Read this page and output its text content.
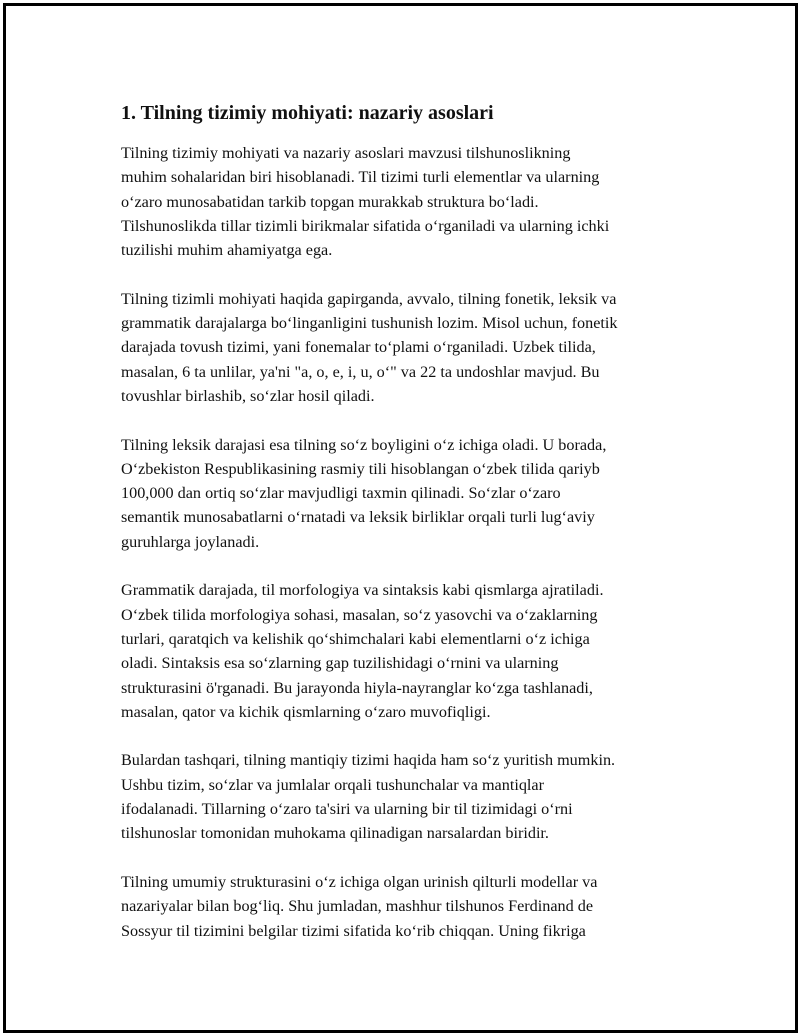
1. Tilning tizimiy mohiyati: nazariy asoslari

Tilning tizimiy mohiyati va nazariy asoslari mavzusi tilshunoslikning
muhim sohalaridan biri hisoblanadi. Til tizimi turli elementlar va ularning
o‘zaro munosabatidan tarkib topgan murakkab struktura bo‘ladi.
Tilshunoslikda tillar tizimli birikmalar sifatida o‘rganiladi va ularning ichki
tuzilishi muhim ahamiyatga ega.

Tilning tizimli mohiyati haqida gapirganda, avvalo, tilning fonetik, leksik va
grammatik darajalarga bo‘linganligini tushunish lozim. Misol uchun, fonetik
darajada tovush tizimi, yani fonemalar to‘plami o‘rganiladi. Uzbek tilida,
masalan, 6 ta unlilar, ya'ni "a, o, e, i, u, o‘" va 22 ta undoshlar mavjud. Bu
tovushlar birlashib, so‘zlar hosil qiladi.

Tilning leksik darajasi esa tilning so‘z boyligini o‘z ichiga oladi. U borada,
O‘zbekiston Respublikasining rasmiy tili hisoblangan o‘zbek tilida qariyb
100,000 dan ortiq so‘zlar mavjudligi taxmin qilinadi. So‘zlar o‘zaro
semantik munosabatlarni o‘rnatadi va leksik birliklar orqali turli lug‘aviy
guruhlarga joylanadi.

Grammatik darajada, til morfologiya va sintaksis kabi qismlarga ajratiladi.
O‘zbek tilida morfologiya sohasi, masalan, so‘z yasovchi va o‘zaklarning
turlari, qaratqich va kelishik qo‘shimchalari kabi elementlarni o‘z ichiga
oladi. Sintaksis esa so‘zlarning gap tuzilishidagi o‘rnini va ularning
strukturasini ö'rganadi. Bu jarayonda hiyla-nayranglar ko‘zga tashlanadi,
masalan, qator va kichik qismlarning o‘zaro muvofiqligi.

Bulardan tashqari, tilning mantiqiy tizimi haqida ham so‘z yuritish mumkin.
Ushbu tizim, so‘zlar va jumlalar orqali tushunchalar va mantiqlar
ifodalanadi. Tillarning o‘zaro ta'siri va ularning bir til tizimidagi o‘rni
tilshunoslar tomonidan muhokama qilinadigan narsalardan biridir.

Tilning umumiy strukturasini o‘z ichiga olgan urinish qilturli modellar va
nazariyalar bilan bog‘liq. Shu jumladan, mashhur tilshunos Ferdinand de
Sossyur til tizimini belgilar tizimi sifatida ko‘rib chiqqan. Uning fikriga
